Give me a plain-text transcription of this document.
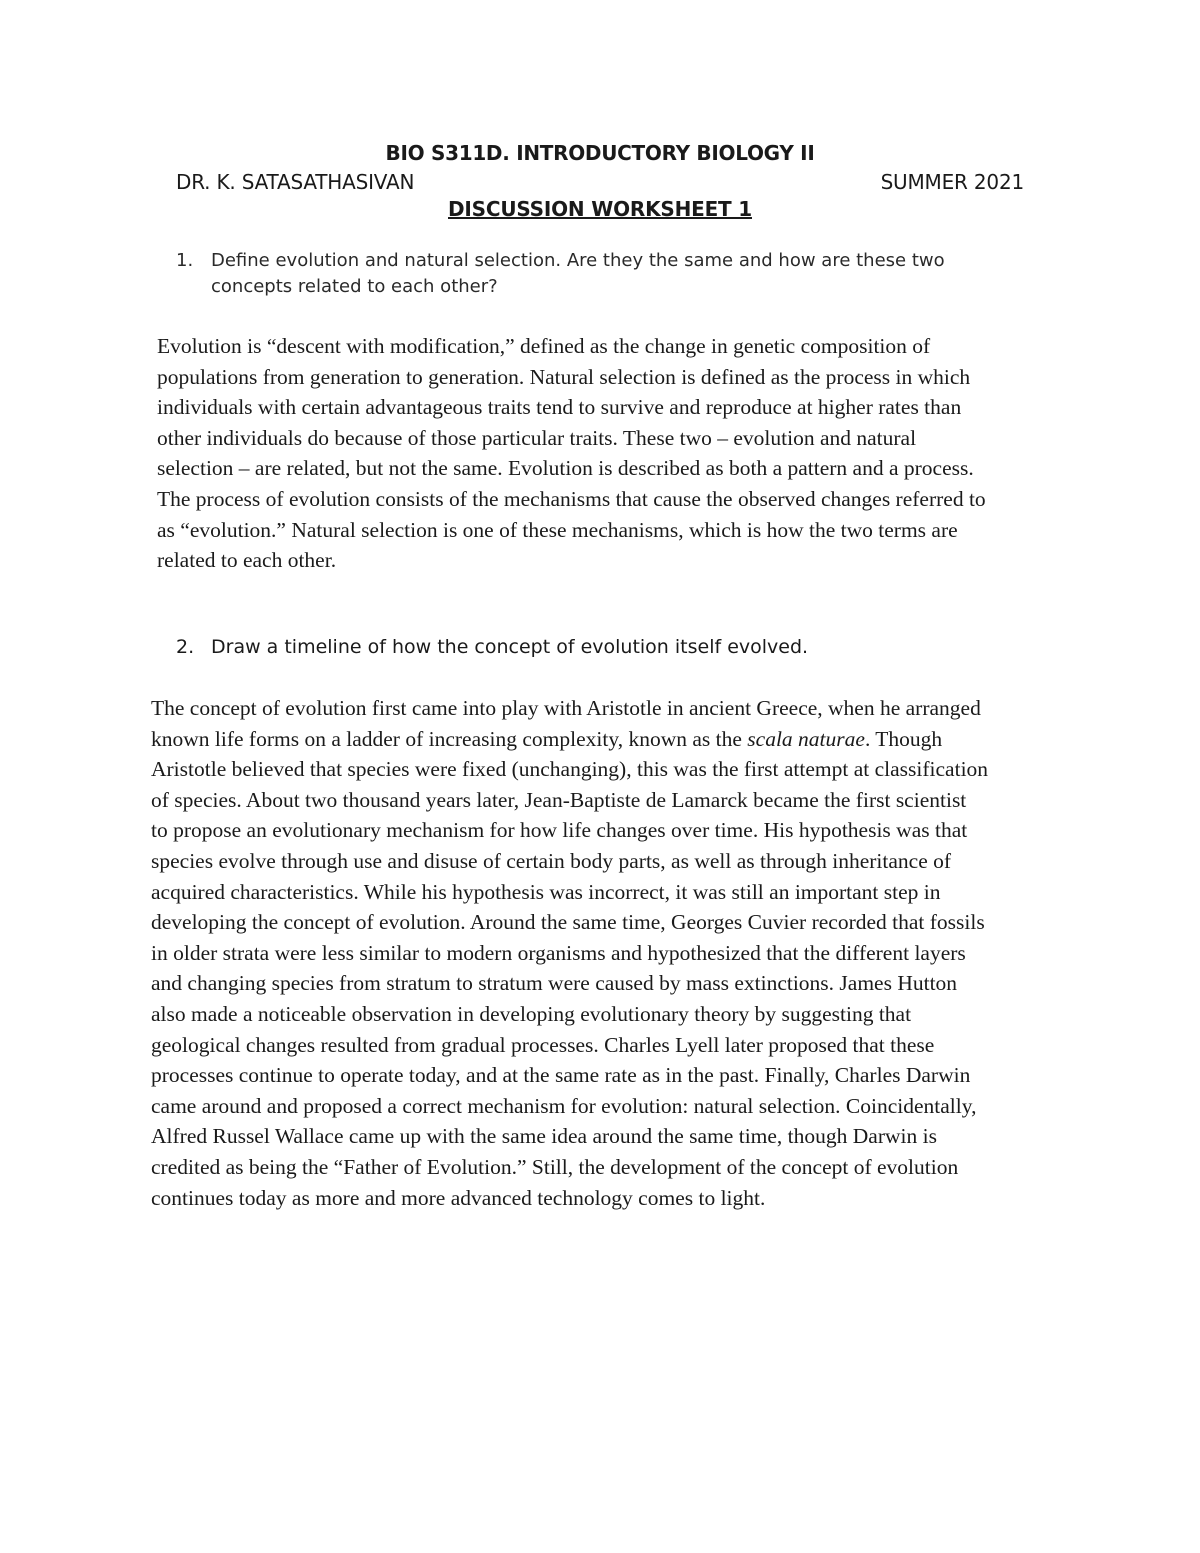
BIO S311D. INTRODUCTORY BIOLOGY II
DR. K. SATASATHASIVAN	SUMMER 2021
DISCUSSION WORKSHEET 1
1. Define evolution and natural selection. Are they the same and how are these two concepts related to each other?
Evolution is “descent with modification,” defined as the change in genetic composition of
populations from generation to generation. Natural selection is defined as the process in which
individuals with certain advantageous traits tend to survive and reproduce at higher rates than
other individuals do because of those particular traits. These two – evolution and natural
selection – are related, but not the same. Evolution is described as both a pattern and a process.
The process of evolution consists of the mechanisms that cause the observed changes referred to
as “evolution.” Natural selection is one of these mechanisms, which is how the two terms are
related to each other.
2. Draw a timeline of how the concept of evolution itself evolved.
The concept of evolution first came into play with Aristotle in ancient Greece, when he arranged
known life forms on a ladder of increasing complexity, known as the scala naturae. Though
Aristotle believed that species were fixed (unchanging), this was the first attempt at classification
of species. About two thousand years later, Jean-Baptiste de Lamarck became the first scientist
to propose an evolutionary mechanism for how life changes over time. His hypothesis was that
species evolve through use and disuse of certain body parts, as well as through inheritance of
acquired characteristics. While his hypothesis was incorrect, it was still an important step in
developing the concept of evolution. Around the same time, Georges Cuvier recorded that fossils
in older strata were less similar to modern organisms and hypothesized that the different layers
and changing species from stratum to stratum were caused by mass extinctions. James Hutton
also made a noticeable observation in developing evolutionary theory by suggesting that
geological changes resulted from gradual processes. Charles Lyell later proposed that these
processes continue to operate today, and at the same rate as in the past. Finally, Charles Darwin
came around and proposed a correct mechanism for evolution: natural selection. Coincidentally,
Alfred Russel Wallace came up with the same idea around the same time, though Darwin is
credited as being the “Father of Evolution.” Still, the development of the concept of evolution
continues today as more and more advanced technology comes to light.
